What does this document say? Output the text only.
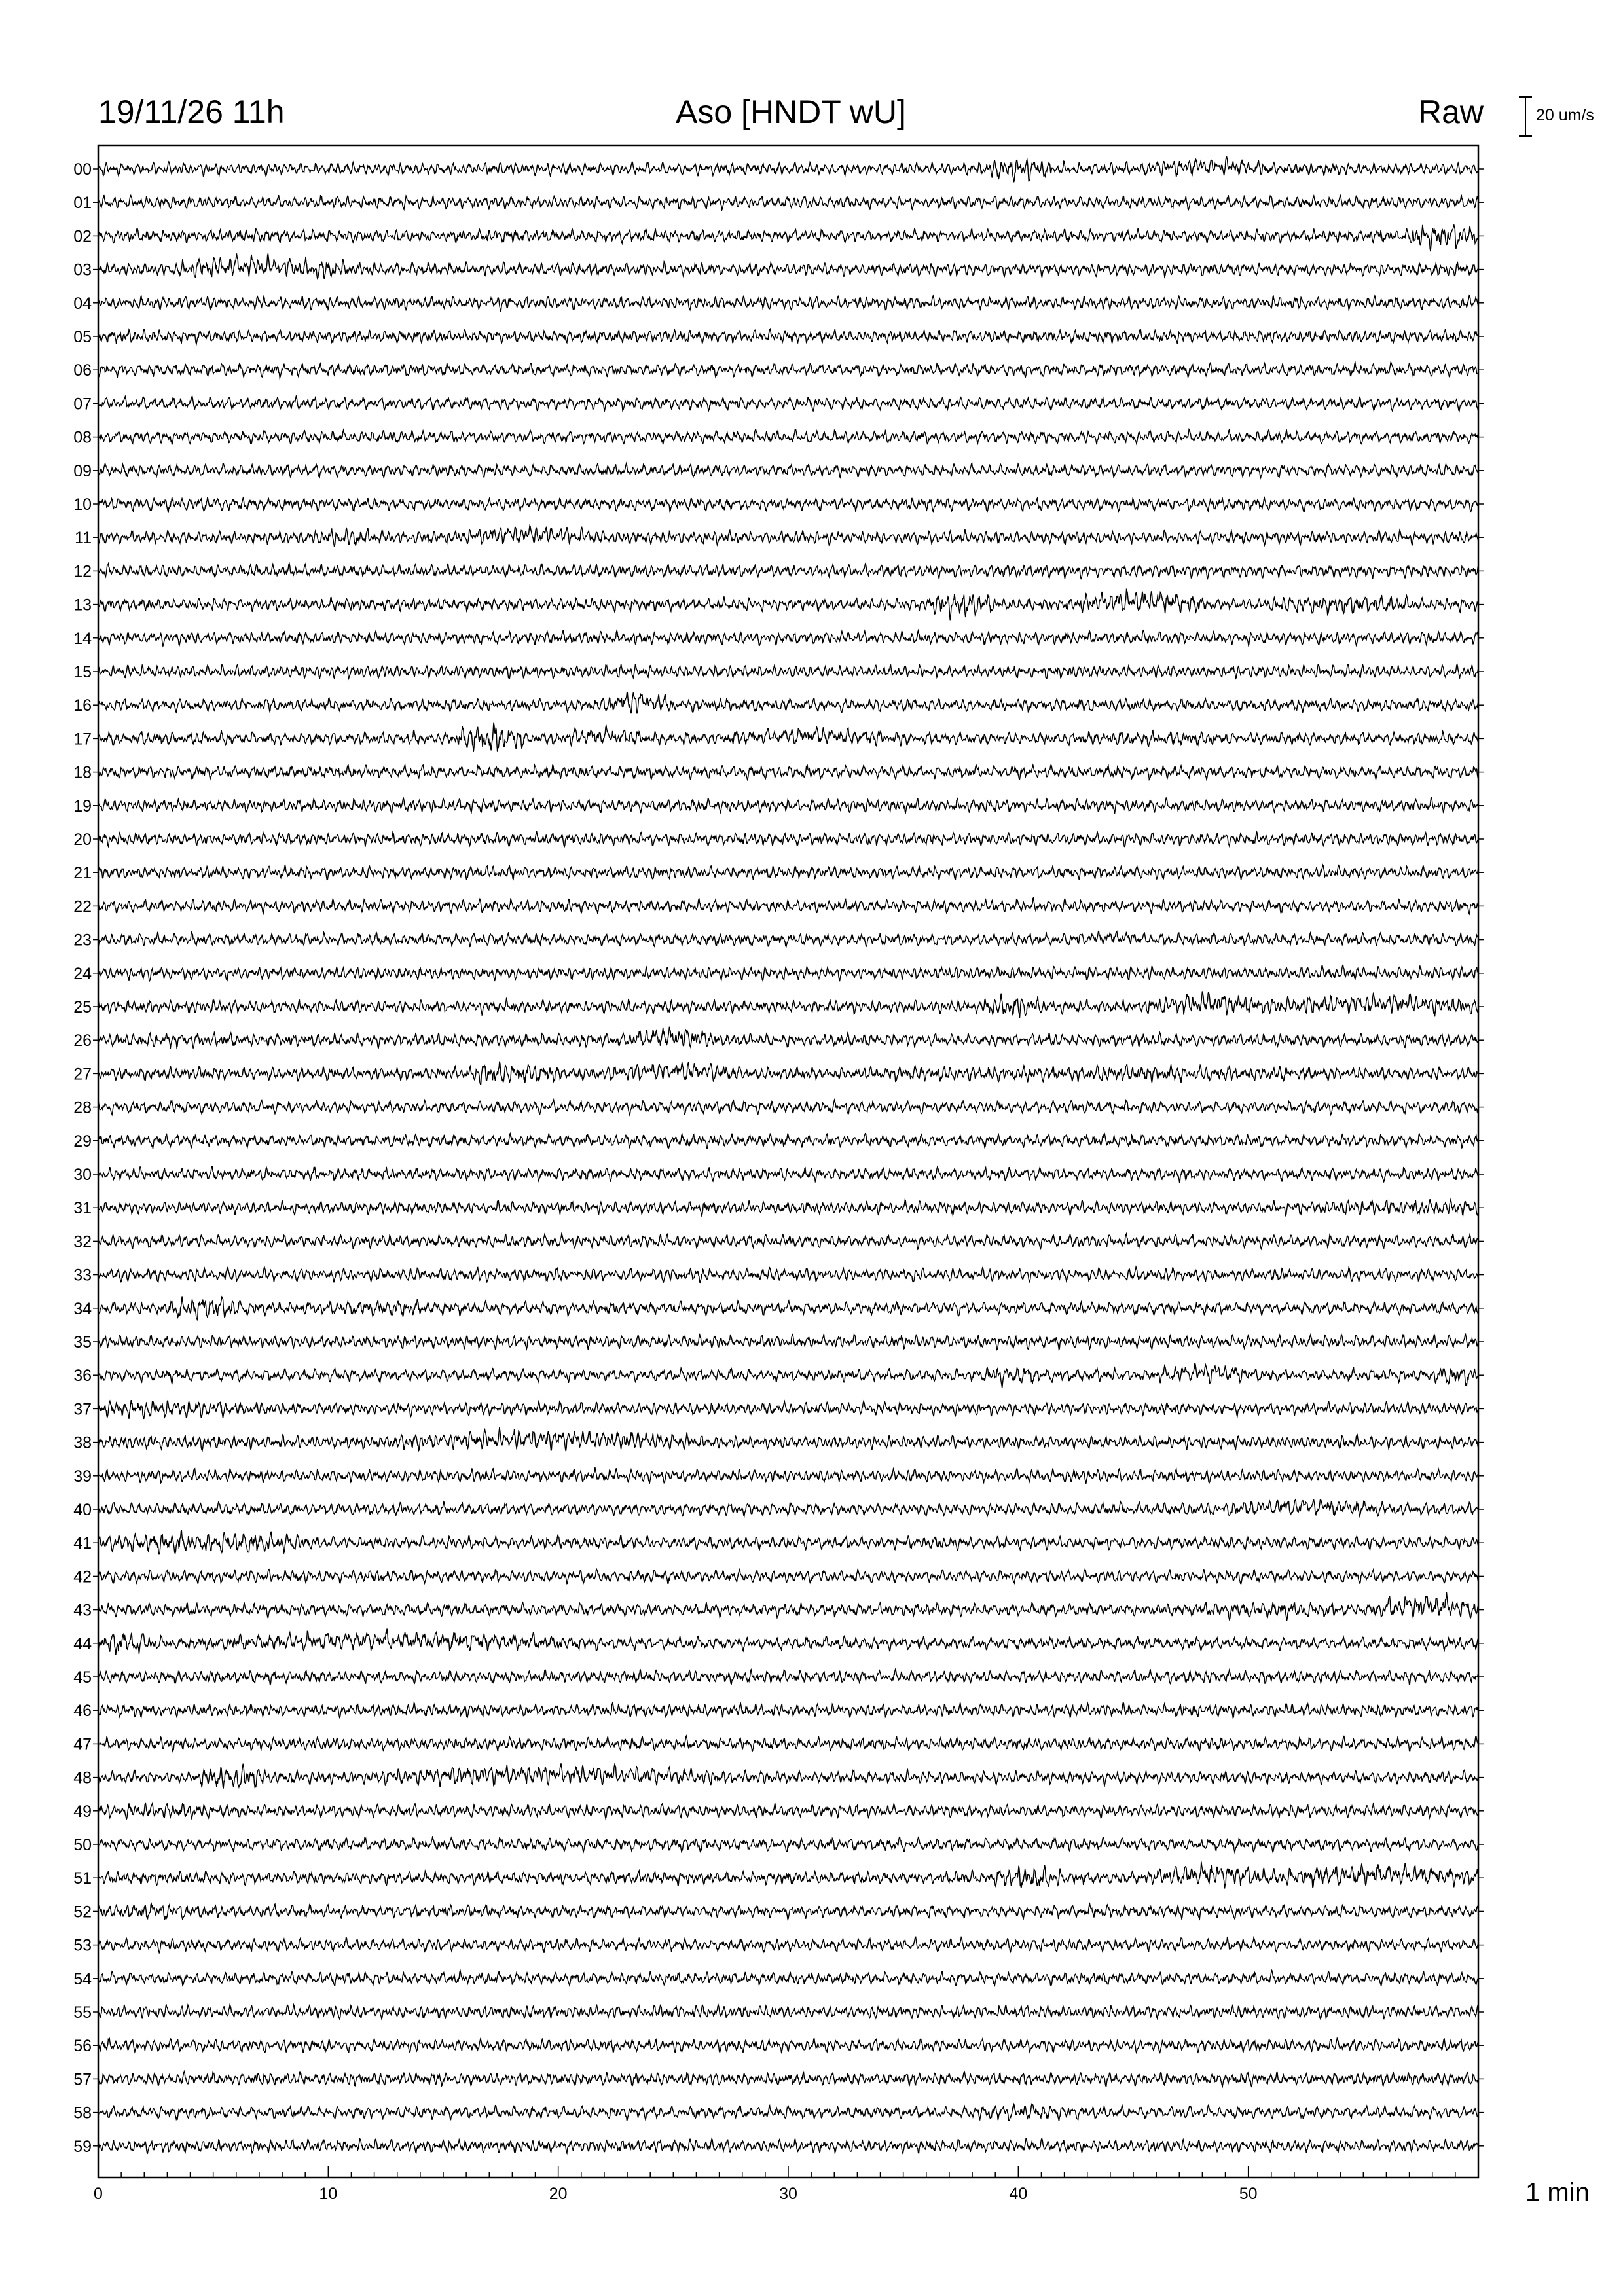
00
01
02
03
04
05
06
07
08
09
10
11
12
13
14
15
16
17
18
19
20
21
22
23
24
25
26
27
28
29
30
31
32
33
34
35
36
37
38
39
40
41
42
43
44
45
46
47
48
49
50
51
52
53
54
55
56
57
58
59
0	10	20	30	40	50
19/11/26 11h	Aso [HNDT wU]	Raw	20 um/s
1 min
